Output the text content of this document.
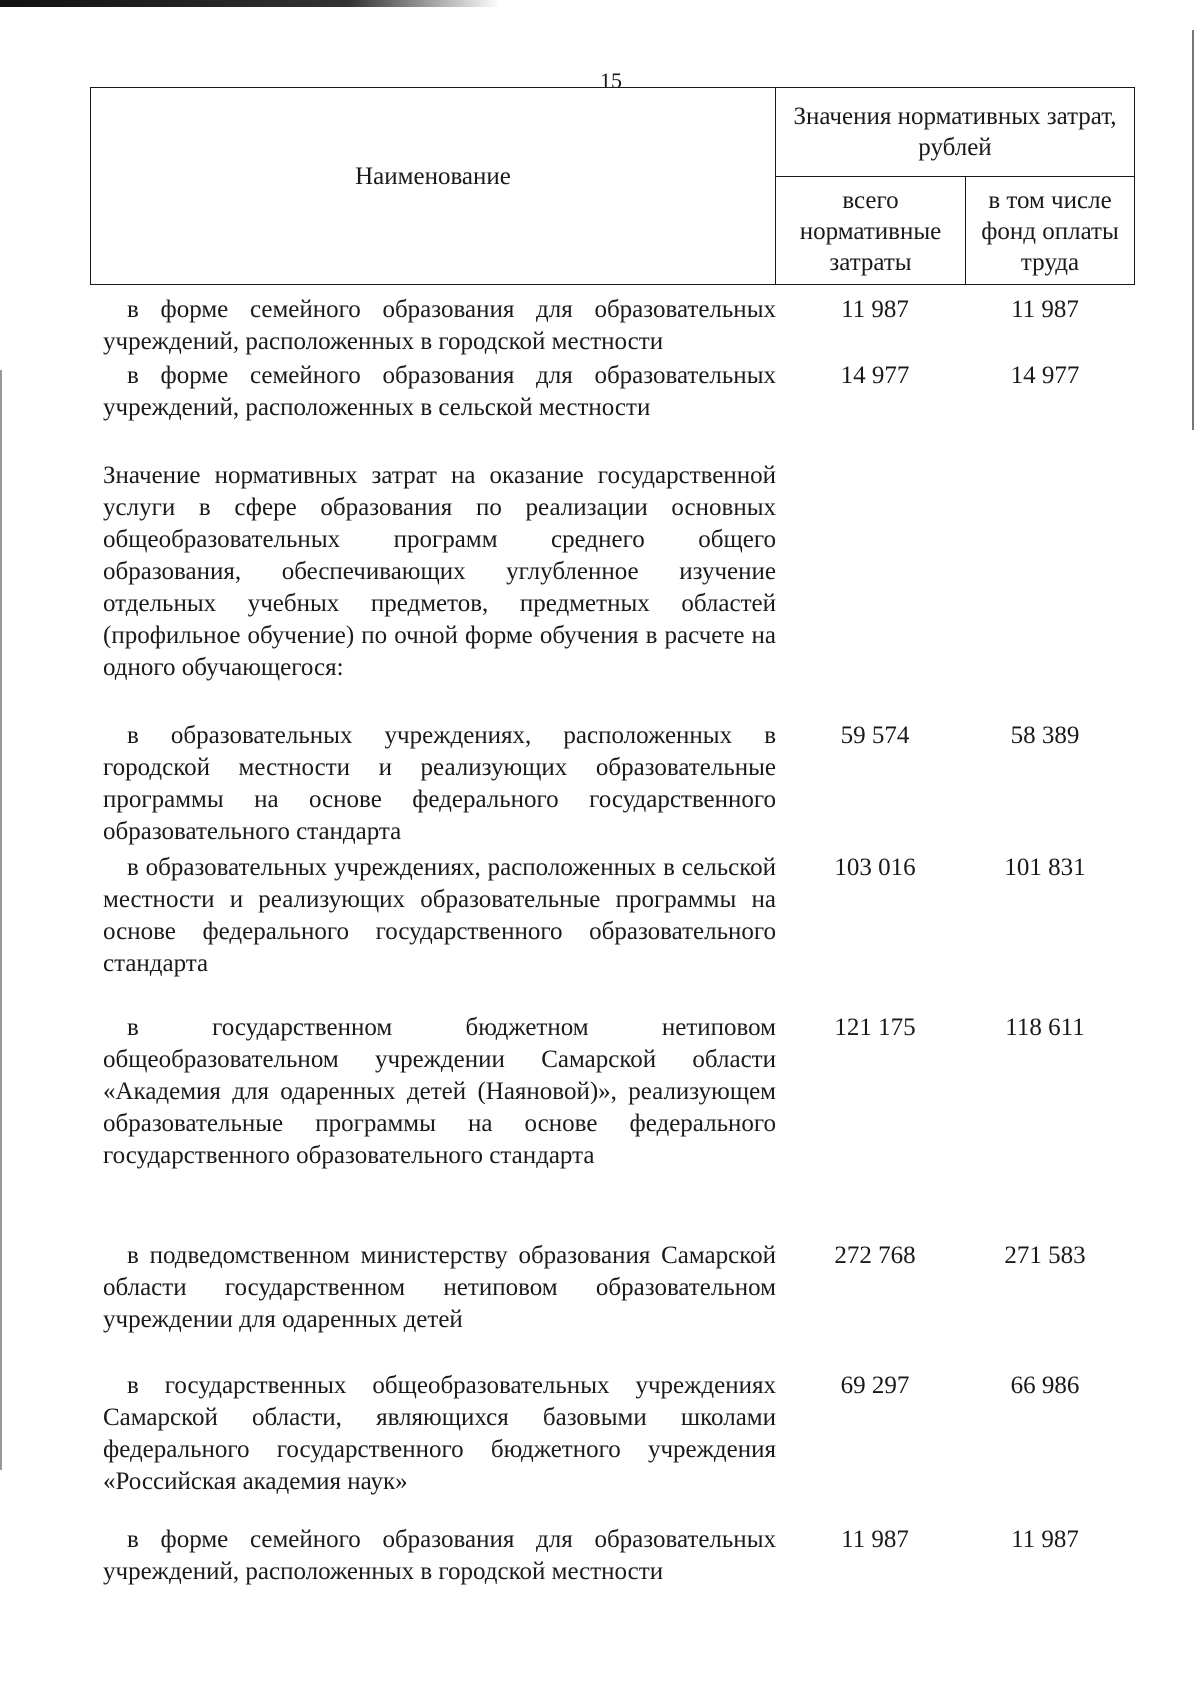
15
Наименование
Значения нормативных затрат, рублей
всего нормативные затраты
в том числе фонд оплаты труда
в форме семейного образования для образовательных учреждений, расположенных в городской местности
11 987	11 987
в форме семейного образования для образовательных учреждений, расположенных в сельской местности
14 977	14 977
Значение нормативных затрат на оказание государственной услуги в сфере образования по реализации основных общеобразовательных программ среднего общего образования, обеспечивающих углубленное изучение отдельных учебных предметов, предметных областей (профильное обучение) по очной форме обучения в расчете на одного обучающегося:
в образовательных учреждениях, расположенных в городской местности и реализующих образовательные программы на основе федерального государственного образовательного стандарта
59 574	58 389
в образовательных учреждениях, расположенных в сельской местности и реализующих образовательные программы на основе федерального государственного образовательного стандарта
103 016	101 831
в государственном бюджетном нетиповом общеобразовательном учреждении Самарской области «Академия для одаренных детей (Наяновой)», реализующем образовательные программы на основе федерального государственного образовательного стандарта
121 175	118 611
в подведомственном министерству образования Самарской области государственном нетиповом образовательном учреждении для одаренных детей
272 768	271 583
в государственных общеобразовательных учреждениях Самарской области, являющихся базовыми школами федерального государственного бюджетного учреждения «Российская академия наук»
69 297	66 986
в форме семейного образования для образовательных учреждений, расположенных в городской местности
11 987	11 987
